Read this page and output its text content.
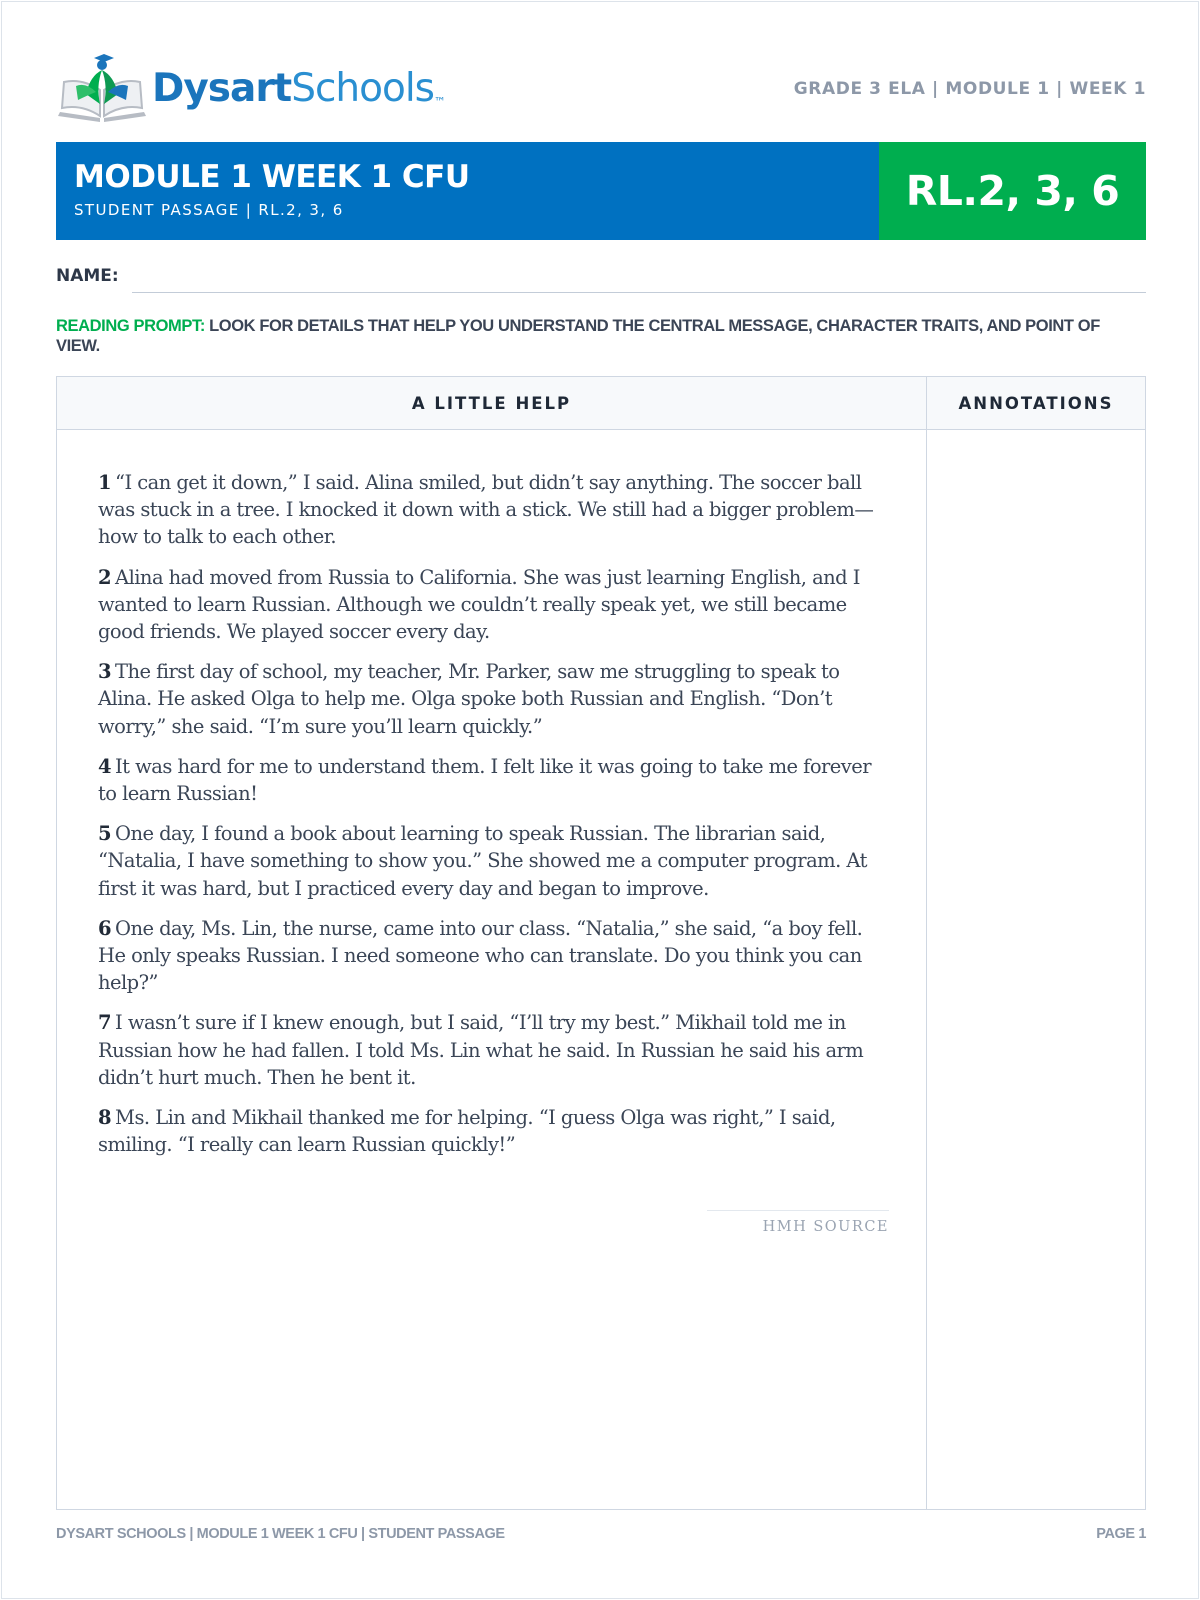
DysartSchools™
GRADE 3 ELA | MODULE 1 | WEEK 1
MODULE 1 WEEK 1 CFU
STUDENT PASSAGE | RL.2, 3, 6	RL.2, 3, 6
NAME:
READING PROMPT: LOOK FOR DETAILS THAT HELP YOU UNDERSTAND THE CENTRAL MESSAGE, CHARACTER TRAITS, AND POINT OF VIEW.
A LITTLE HELP	ANNOTATIONS

1 “I can get it down,” I said. Alina smiled, but didn’t say anything. The soccer ball was stuck in a tree. I knocked it down with a stick. We still had a bigger problem—how to talk to each other.

2 Alina had moved from Russia to California. She was just learning English, and I wanted to learn Russian. Although we couldn’t really speak yet, we still became good friends. We played soccer every day.

3 The first day of school, my teacher, Mr. Parker, saw me struggling to speak to Alina. He asked Olga to help me. Olga spoke both Russian and English. “Don’t worry,” she said. “I’m sure you’ll learn quickly.”

4 It was hard for me to understand them. I felt like it was going to take me forever to learn Russian!

5 One day, I found a book about learning to speak Russian. The librarian said, “Natalia, I have something to show you.” She showed me a computer program. At first it was hard, but I practiced every day and began to improve.

6 One day, Ms. Lin, the nurse, came into our class. “Natalia,” she said, “a boy fell. He only speaks Russian. I need someone who can translate. Do you think you can help?”

7 I wasn’t sure if I knew enough, but I said, “I’ll try my best.” Mikhail told me in Russian how he had fallen. I told Ms. Lin what he said. In Russian he said his arm didn’t hurt much. Then he bent it.

8 Ms. Lin and Mikhail thanked me for helping. “I guess Olga was right,” I said, smiling. “I really can learn Russian quickly!”

HMH SOURCE
DYSART SCHOOLS | MODULE 1 WEEK 1 CFU | STUDENT PASSAGE	PAGE 1
